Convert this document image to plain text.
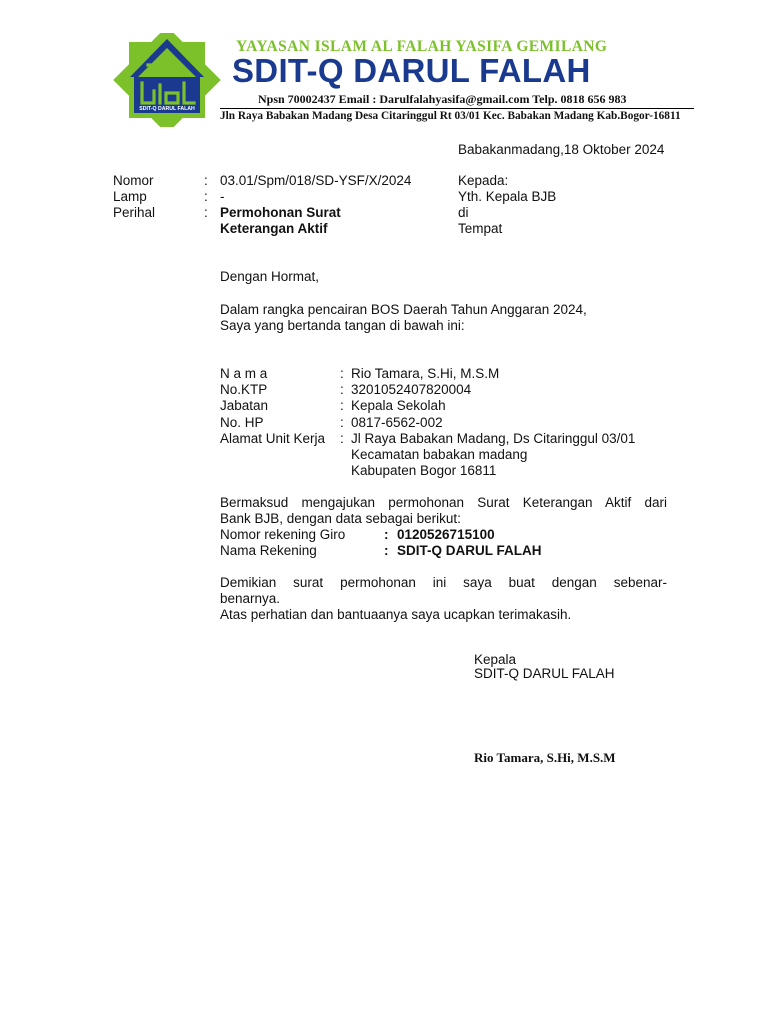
SDIT-Q DARUL FALAH
YAYASAN ISLAM AL FALAH YASIFA GEMILANG
SDIT-Q DARUL FALAH
Npsn 70002437 Email : Darulfalahyasifa@gmail.com Telp. 0818 656 983
Jln Raya Babakan Madang Desa Citaringgul Rt 03/01 Kec. Babakan Madang Kab.Bogor-16811
Babakanmadang,18 Oktober 2024
Nomor	: 03.01/Spm/018/SD-YSF/X/2024
Lamp	: -
Perihal	: Permohonan Surat
Keterangan Aktif
Kepada:
Yth. Kepala BJB
di
Tempat
Dengan Hormat,
Dalam rangka pencairan BOS Daerah Tahun Anggaran 2024,
Saya yang bertanda tangan di bawah ini:
N a m a	: Rio Tamara, S.Hi, M.S.M
No.KTP	: 3201052407820004
Jabatan	: Kepala Sekolah
No. HP	: 0817-6562-002
Alamat Unit Kerja : Jl Raya Babakan Madang, Ds Citaringgul 03/01
Kecamatan babakan madang
Kabupaten Bogor 16811
Bermaksud mengajukan permohonan Surat Keterangan Aktif dari
Bank BJB, dengan data sebagai berikut:
Nomor rekening Giro	: 0120526715100
Nama Rekening	: SDIT-Q DARUL FALAH
Demikian surat permohonan ini saya buat dengan sebenar-
benarnya.
Atas perhatian dan bantuaanya saya ucapkan terimakasih.
Kepala
SDIT-Q DARUL FALAH
Rio Tamara, S.Hi, M.S.M
